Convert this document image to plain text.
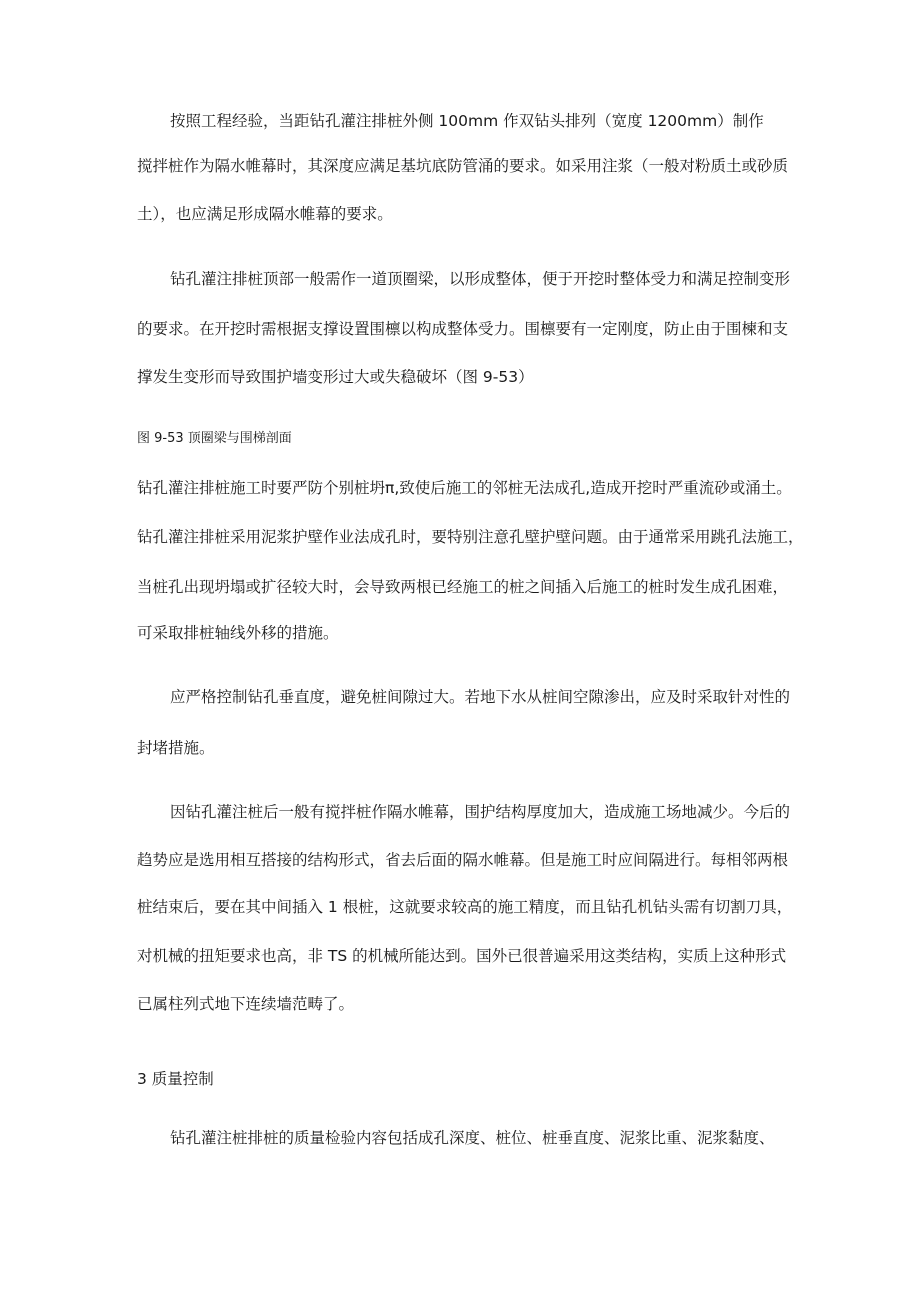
按照工程经验，当距钻孔灌注排桩外侧 100mm 作双钻头排列（宽度 1200mm）制作

搅拌桩作为隔水帷幕时，其深度应满足基坑底防管涌的要求。如采用注浆（一般对粉质土或砂质

土），也应满足形成隔水帷幕的要求。

钻孔灌注排桩顶部一般需作一道顶圈梁，以形成整体，便于开挖时整体受力和满足控制变形

的要求。在开挖时需根据支撑设置围檩以构成整体受力。围檩要有一定刚度，防止由于围楝和支

撑发生变形而导致围护墙变形过大或失稳破坏（图 9-53）

图 9-53 顶圈梁与围梯剖面

钻孔灌注排桩施工时要严防个别桩坍π,致使后施工的邻桩无法成孔,造成开挖时严重流砂或涌土。

钻孔灌注排桩采用泥浆护壁作业法成孔时，要特别注意孔壁护壁问题。由于通常采用跳孔法施工，

当桩孔出现坍塌或扩径较大时，会导致两根已经施工的桩之间插入后施工的桩时发生成孔困难，

可采取排桩轴线外移的措施。

应严格控制钻孔垂直度，避免桩间隙过大。若地下水从桩间空隙渗出，应及时采取针对性的

封堵措施。

因钻孔灌注桩后一般有搅拌桩作隔水帷幕，围护结构厚度加大，造成施工场地减少。今后的

趋势应是选用相互搭接的结构形式，省去后面的隔水帷幕。但是施工时应间隔进行。每相邻两根

桩结束后，要在其中间插入 1 根桩，这就要求较高的施工精度，而且钻孔机钻头需有切割刀具，

对机械的扭矩要求也高，非 TS 的机械所能达到。国外已很普遍采用这类结构，实质上这种形式

已属柱列式地下连续墙范畴了。

3 质量控制

钻孔灌注桩排桩的质量检验内容包括成孔深度、桩位、桩垂直度、泥浆比重、泥浆黏度、
